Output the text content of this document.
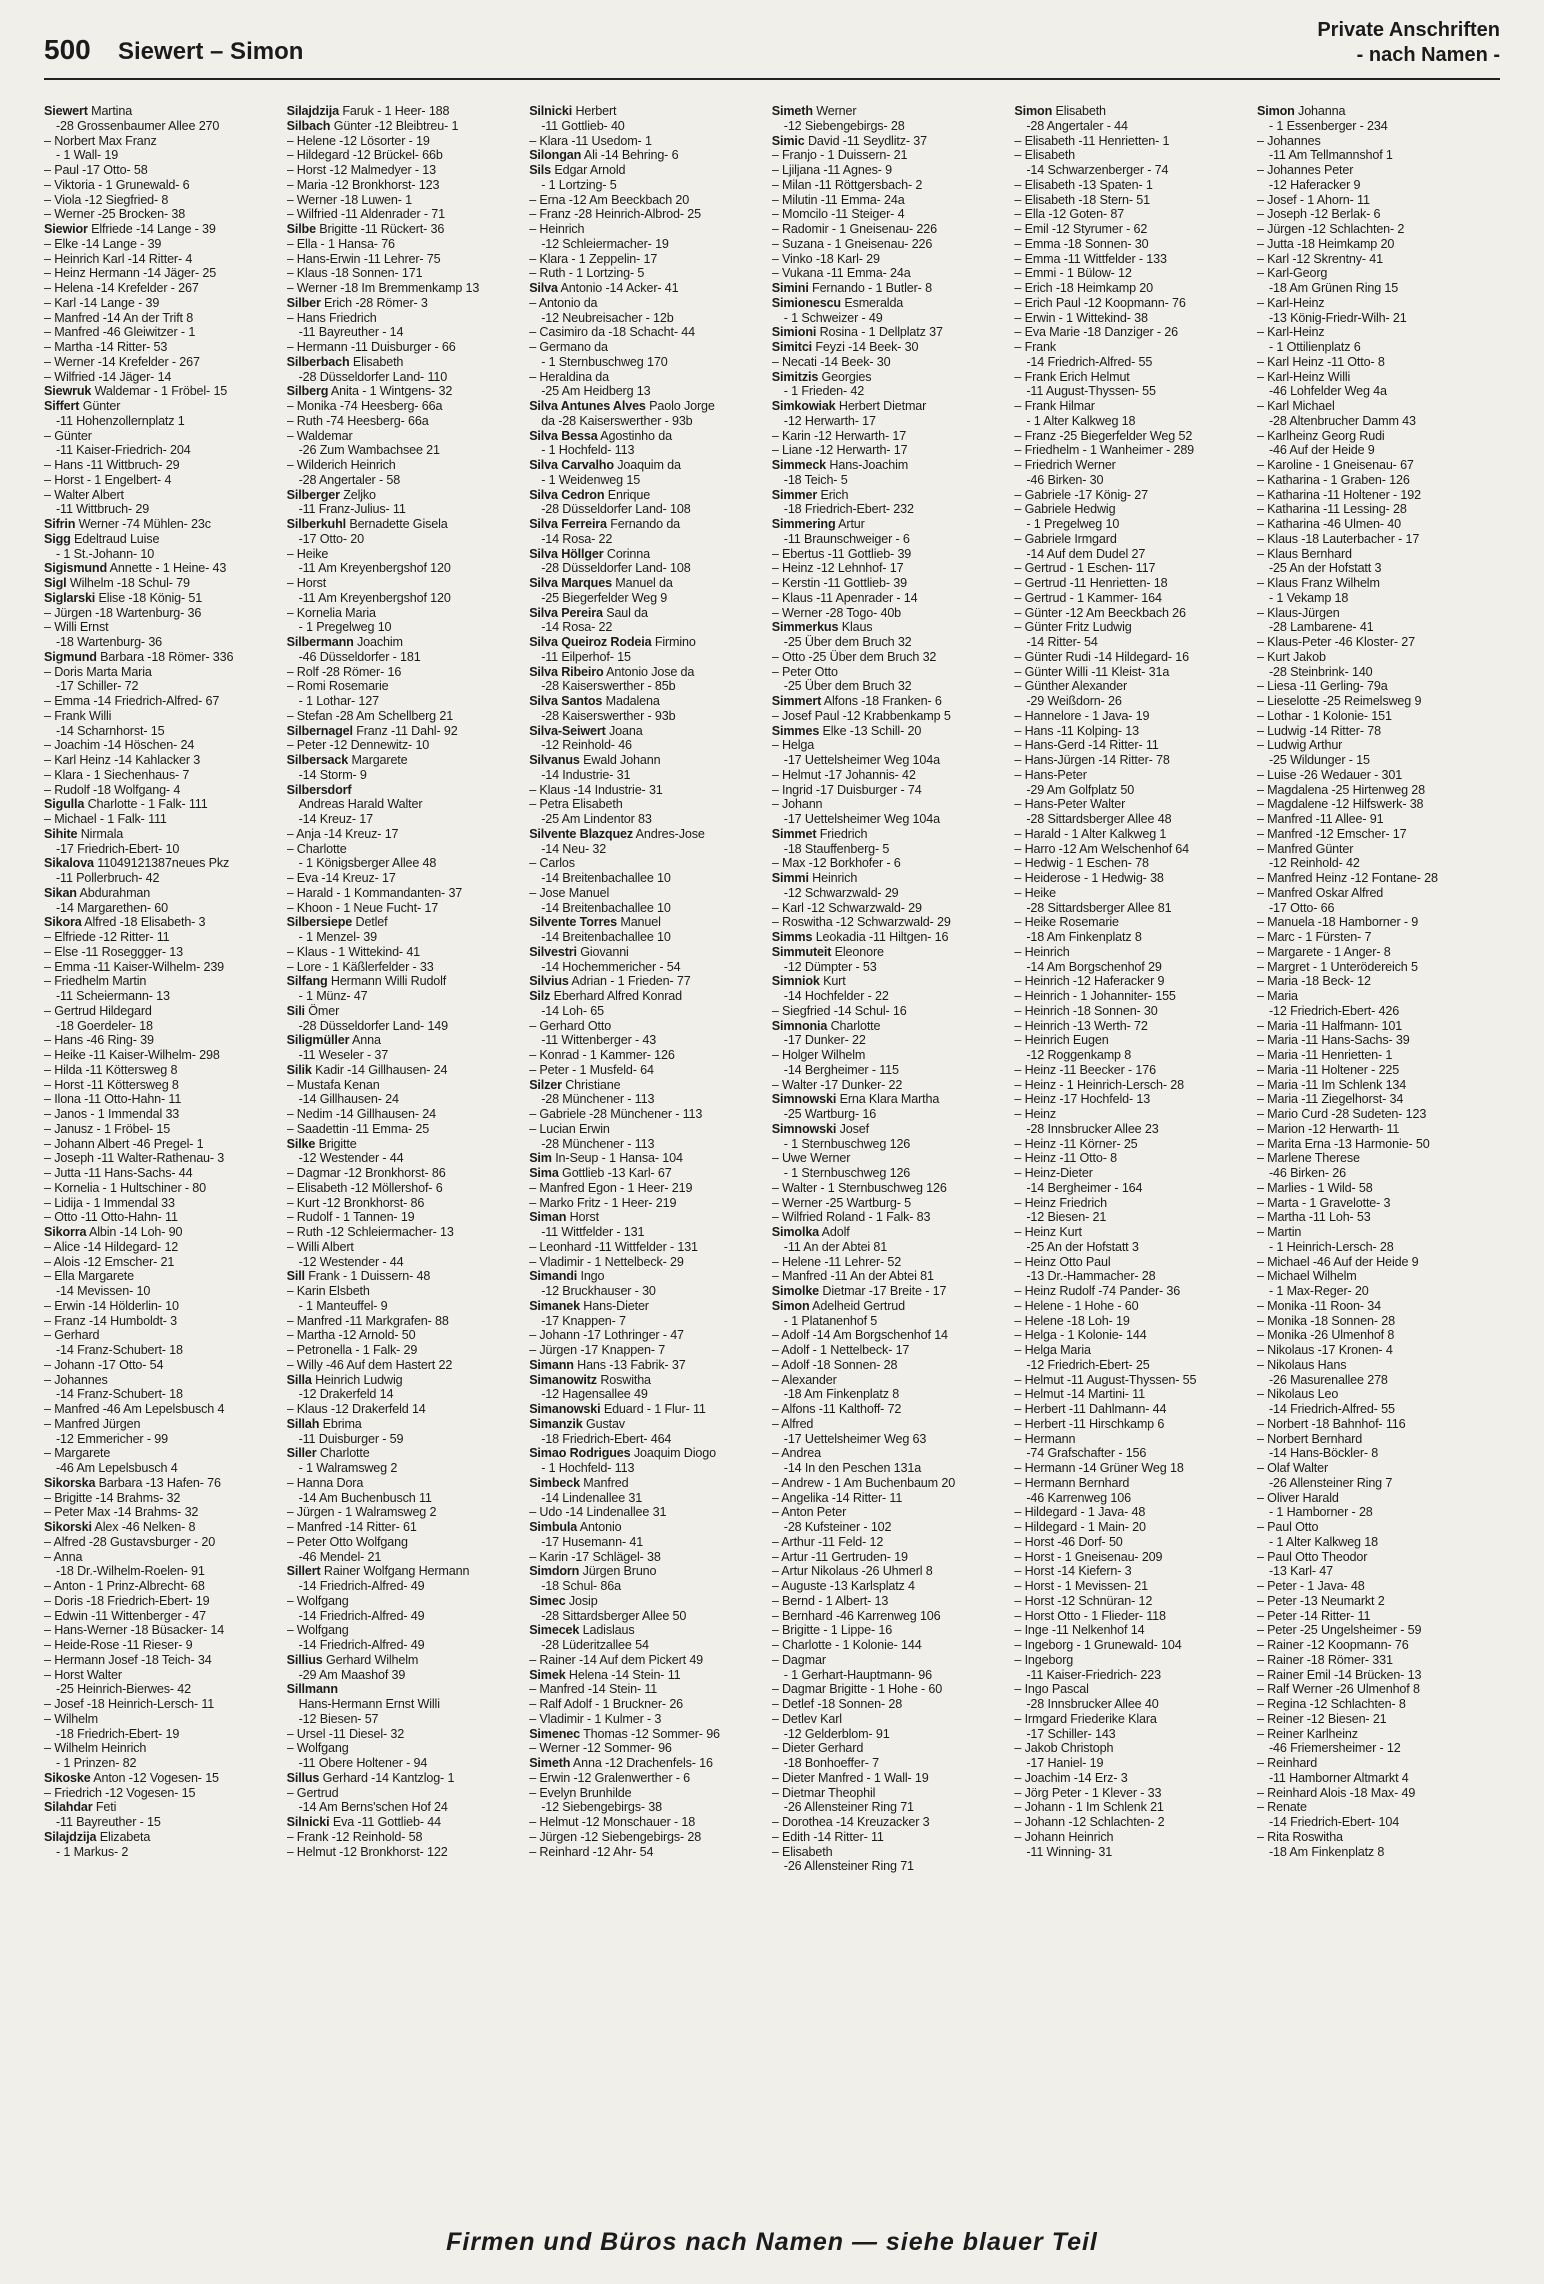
500 Siewert – Simon
Private Anschriften
- nach Namen -
Siewert Martina
-28 Grossenbaumer Allee 270
– Norbert Max Franz
- 1 Wall- 19
– Paul -17 Otto- 58
– Viktoria - 1 Grunewald- 6
– Viola -12 Siegfried- 8
– Werner -25 Brocken- 38
Siewior Elfriede -14 Lange - 39
– Elke -14 Lange - 39
– Heinrich Karl -14 Ritter- 4
– Heinz Hermann -14 Jäger- 25
– Helena -14 Krefelder - 267
– Karl -14 Lange - 39
– Manfred -14 An der Trift 8
– Manfred -46 Gleiwitzer - 1
– Martha -14 Ritter- 53
– Werner -14 Krefelder - 267
– Wilfried -14 Jäger- 14
Siewruk Waldemar - 1 Fröbel- 15
Siffert Günter
-11 Hohenzollernplatz 1
– Günter
-11 Kaiser-Friedrich- 204
– Hans -11 Wittbruch- 29
– Horst - 1 Engelbert- 4
– Walter Albert
-11 Wittbruch- 29
Sifrin Werner -74 Mühlen- 23c
Sigg Edeltraud Luise
- 1 St.-Johann- 10
Sigismund Annette - 1 Heine- 43
Sigl Wilhelm -18 Schul- 79
Siglarski Elise -18 König- 51
– Jürgen -18 Wartenburg- 36
– Willi Ernst
-18 Wartenburg- 36
Sigmund Barbara -18 Römer- 336
– Doris Marta Maria
-17 Schiller- 72
– Emma -14 Friedrich-Alfred- 67
– Frank Willi
-14 Scharnhorst- 15
– Joachim -14 Höschen- 24
– Karl Heinz -14 Kahlacker 3
– Klara - 1 Siechenhaus- 7
– Rudolf -18 Wolfgang- 4
Sigulla Charlotte - 1 Falk- 111
– Michael - 1 Falk- 111
Sihite Nirmala
-17 Friedrich-Ebert- 10
Sikalova 11049121387neues Pkz
-11 Pollerbruch- 42
Sikan Abdurahman
-14 Margarethen- 60
Sikora Alfred -18 Elisabeth- 3
– Elfriede -12 Ritter- 11
– Else -11 Roseggger- 13
– Emma -11 Kaiser-Wilhelm- 239
– Friedhelm Martin
-11 Scheiermann- 13
– Gertrud Hildegard
-18 Goerdeler- 18
– Hans -46 Ring- 39
– Heike -11 Kaiser-Wilhelm- 298
– Hilda -11 Köttersweg 8
– Horst -11 Köttersweg 8
– Ilona -11 Otto-Hahn- 11
– Janos - 1 Immendal 33
– Janusz - 1 Fröbel- 15
– Johann Albert -46 Pregel- 1
– Joseph -11 Walter-Rathenau- 3
– Jutta -11 Hans-Sachs- 44
– Kornelia - 1 Hultschiner - 80
– Lidija - 1 Immendal 33
– Otto -11 Otto-Hahn- 11
Sikorra Albin -14 Loh- 90
– Alice -14 Hildegard- 12
– Alois -12 Emscher- 21
– Ella Margarete
-14 Mevissen- 10
– Erwin -14 Hölderlin- 10
– Franz -14 Humboldt- 3
– Gerhard
-14 Franz-Schubert- 18
– Johann -17 Otto- 54
– Johannes
-14 Franz-Schubert- 18
– Manfred -46 Am Lepelsbusch 4
– Manfred Jürgen
-12 Emmericher - 99
– Margarete
-46 Am Lepelsbusch 4
Sikorska Barbara -13 Hafen- 76
– Brigitte -14 Brahms- 32
– Peter Max -14 Brahms- 32
Sikorski Alex -46 Nelken- 8
– Alfred -28 Gustavsburger - 20
– Anna
-18 Dr.-Wilhelm-Roelen- 91
– Anton - 1 Prinz-Albrecht- 68
– Doris -18 Friedrich-Ebert- 19
– Edwin -11 Wittenberger - 47
– Hans-Werner -18 Büsacker- 14
– Heide-Rose -11 Rieser- 9
– Hermann Josef -18 Teich- 34
– Horst Walter
-25 Heinrich-Bierwes- 42
– Josef -18 Heinrich-Lersch- 11
– Wilhelm
-18 Friedrich-Ebert- 19
– Wilhelm Heinrich
- 1 Prinzen- 82
Sikoske Anton -12 Vogesen- 15
– Friedrich -12 Vogesen- 15
Silahdar Feti
-11 Bayreuther - 15
Silajdzija Elizabeta
- 1 Markus- 2
Silajdzija Faruk - 1 Heer- 188
Silbach Günter -12 Bleibtreu- 1
– Helene -12 Lösorter - 19
– Hildegard -12 Brückel- 66b
– Horst -12 Malmedyer - 13
– Maria -12 Bronkhorst- 123
– Werner -18 Luwen- 1
– Wilfried -11 Aldenrader - 71
Silbe Brigitte -11 Rückert- 36
– Ella - 1 Hansa- 76
– Hans-Erwin -11 Lehrer- 75
– Klaus -18 Sonnen- 171
– Werner -18 Im Bremmenkamp 13
Silber Erich -28 Römer- 3
– Hans Friedrich
-11 Bayreuther - 14
– Hermann -11 Duisburger - 66
Silberbach Elisabeth
-28 Düsseldorfer Land- 110
Silberg Anita - 1 Wintgens- 32
– Monika -74 Heesberg- 66a
– Ruth -74 Heesberg- 66a
– Waldemar
-26 Zum Wambachsee 21
– Wilderich Heinrich
-28 Angertaler - 58
Silberger Zeljko
-11 Franz-Julius- 11
Silberkuhl Bernadette Gisela
-17 Otto- 20
– Heike
-11 Am Kreyenbergshof 120
– Horst
-11 Am Kreyenbergshof 120
– Kornelia Maria
- 1 Pregelweg 10
Silbermann Joachim
-46 Düsseldorfer - 181
– Rolf -28 Römer- 16
– Romi Rosemarie
- 1 Lothar- 127
– Stefan -28 Am Schellberg 21
Silbernagel Franz -11 Dahl- 92
– Peter -12 Dennewitz- 10
Silbersack Margarete
-14 Storm- 9
Silbersdorf
Andreas Harald Walter
-14 Kreuz- 17
– Anja -14 Kreuz- 17
– Charlotte
- 1 Königsberger Allee 48
– Eva -14 Kreuz- 17
– Harald - 1 Kommandanten- 37
– Khoon - 1 Neue Fucht- 17
Silbersiepe Detlef
- 1 Menzel- 39
– Klaus - 1 Wittekind- 41
– Lore - 1 Käßlerfelder - 33
Silfang Hermann Willi Rudolf
- 1 Münz- 47
Sili Ömer
-28 Düsseldorfer Land- 149
Siligmüller Anna
-11 Weseler - 37
Silik Kadir -14 Gillhausen- 24
– Mustafa Kenan
-14 Gillhausen- 24
– Nedim -14 Gillhausen- 24
– Saadettin -11 Emma- 25
Silke Brigitte
-12 Westender - 44
– Dagmar -12 Bronkhorst- 86
– Elisabeth -12 Möllershof- 6
– Kurt -12 Bronkhorst- 86
– Rudolf - 1 Tannen- 19
– Ruth -12 Schleiermacher- 13
– Willi Albert
-12 Westender - 44
Sill Frank - 1 Duissern- 48
– Karin Elsbeth
- 1 Manteuffel- 9
– Manfred -11 Markgrafen- 88
– Martha -12 Arnold- 50
– Petronella - 1 Falk- 29
– Willy -46 Auf dem Hastert 22
Silla Heinrich Ludwig
-12 Drakerfeld 14
– Klaus -12 Drakerfeld 14
Sillah Ebrima
-11 Duisburger - 59
Siller Charlotte
- 1 Walramsweg 2
– Hanna Dora
-14 Am Buchenbusch 11
– Jürgen - 1 Walramsweg 2
– Manfred -14 Ritter- 61
– Peter Otto Wolfgang
-46 Mendel- 21
Sillert Rainer Wolfgang Hermann
-14 Friedrich-Alfred- 49
– Wolfgang
-14 Friedrich-Alfred- 49
– Wolfgang
-14 Friedrich-Alfred- 49
Sillius Gerhard Wilhelm
-29 Am Maashof 39
Sillmann
Hans-Hermann Ernst Willi
-12 Biesen- 57
– Ursel -11 Diesel- 32
– Wolfgang
-11 Obere Holtener - 94
Sillus Gerhard -14 Kantzlog- 1
– Gertrud
-14 Am Berns'schen Hof 24
Silnicki Eva -11 Gottlieb- 44
– Frank -12 Reinhold- 58
– Helmut -12 Bronkhorst- 122
Silnicki Herbert
-11 Gottlieb- 40
– Klara -11 Usedom- 1
Silongan Ali -14 Behring- 6
Sils Edgar Arnold
- 1 Lortzing- 5
– Erna -12 Am Beeckbach 20
– Franz -28 Heinrich-Albrod- 25
– Heinrich
-12 Schleiermacher- 19
– Klara - 1 Zeppelin- 17
– Ruth - 1 Lortzing- 5
Silva Antonio -14 Acker- 41
– Antonio da
-12 Neubreisacher - 12b
– Casimiro da -18 Schacht- 44
– Germano da
- 1 Sternbuschweg 170
– Heraldina da
-25 Am Heidberg 13
Silva Antunes Alves Paolo Jorge
da -28 Kaiserswerther - 93b
Silva Bessa Agostinho da
- 1 Hochfeld- 113
Silva Carvalho Joaquim da
- 1 Weidenweg 15
Silva Cedron Enrique
-28 Düsseldorfer Land- 108
Silva Ferreira Fernando da
-14 Rosa- 22
Silva Höllger Corinna
-28 Düsseldorfer Land- 108
Silva Marques Manuel da
-25 Biegerfelder Weg 9
Silva Pereira Saul da
-14 Rosa- 22
Silva Queiroz Rodeia Firmino
-11 Eilperhof- 15
Silva Ribeiro Antonio Jose da
-28 Kaiserswerther - 85b
Silva Santos Madalena
-28 Kaiserswerther - 93b
Silva-Seiwert Joana
-12 Reinhold- 46
Silvanus Ewald Johann
-14 Industrie- 31
– Klaus -14 Industrie- 31
– Petra Elisabeth
-25 Am Lindentor 83
Silvente Blazquez Andres-Jose
-14 Neu- 32
– Carlos
-14 Breitenbachallee 10
– Jose Manuel
-14 Breitenbachallee 10
Silvente Torres Manuel
-14 Breitenbachallee 10
Silvestri Giovanni
-14 Hochemmericher - 54
Silvius Adrian - 1 Frieden- 77
Silz Eberhard Alfred Konrad
-14 Loh- 65
– Gerhard Otto
-11 Wittenberger - 43
– Konrad - 1 Kammer- 126
– Peter - 1 Musfeld- 64
Silzer Christiane
-28 Münchener - 113
– Gabriele -28 Münchener - 113
– Lucian Erwin
-28 Münchener - 113
Sim In-Seup - 1 Hansa- 104
Sima Gottlieb -13 Karl- 67
– Manfred Egon - 1 Heer- 219
– Marko Fritz - 1 Heer- 219
Siman Horst
-11 Wittfelder - 131
– Leonhard -11 Wittfelder - 131
– Vladimir - 1 Nettelbeck- 29
Simandi Ingo
-12 Bruckhauser - 30
Simanek Hans-Dieter
-17 Knappen- 7
– Johann -17 Lothringer - 47
– Jürgen -17 Knappen- 7
Simann Hans -13 Fabrik- 37
Simanowitz Roswitha
-12 Hagensallee 49
Simanowski Eduard - 1 Flur- 11
Simanzik Gustav
-18 Friedrich-Ebert- 464
Simao Rodrigues Joaquim Diogo
- 1 Hochfeld- 113
Simbeck Manfred
-14 Lindenallee 31
– Udo -14 Lindenallee 31
Simbula Antonio
-17 Husemann- 41
– Karin -17 Schlägel- 38
Simdorn Jürgen Bruno
-18 Schul- 86a
Simec Josip
-28 Sittardsberger Allee 50
Simecek Ladislaus
-28 Lüderitzallee 54
– Rainer -14 Auf dem Pickert 49
Simek Helena -14 Stein- 11
– Manfred -14 Stein- 11
– Ralf Adolf - 1 Bruckner- 26
– Vladimir - 1 Kulmer - 3
Simenec Thomas -12 Sommer- 96
– Werner -12 Sommer- 96
Simeth Anna -12 Drachenfels- 16
– Erwin -12 Gralenwerther - 6
– Evelyn Brunhilde
-12 Siebengebirgs- 38
– Helmut -12 Monschauer - 18
– Jürgen -12 Siebengebirgs- 28
– Reinhard -12 Ahr- 54
Simeth Werner
-12 Siebengebirgs- 28
Simic David -11 Seydlitz- 37
– Franjo - 1 Duissern- 21
– Ljiljana -11 Agnes- 9
– Milan -11 Röttgersbach- 2
– Milutin -11 Emma- 24a
– Momcilo -11 Steiger- 4
– Radomir - 1 Gneisenau- 226
– Suzana - 1 Gneisenau- 226
– Vinko -18 Karl- 29
– Vukana -11 Emma- 24a
Simini Fernando - 1 Butler- 8
Simionescu Esmeralda
- 1 Schweizer - 49
Simioni Rosina - 1 Dellplatz 37
Simitci Feyzi -14 Beek- 30
– Necati -14 Beek- 30
Simitzis Georgies
- 1 Frieden- 42
Simkowiak Herbert Dietmar
-12 Herwarth- 17
– Karin -12 Herwarth- 17
– Liane -12 Herwarth- 17
Simmeck Hans-Joachim
-18 Teich- 5
Simmer Erich
-18 Friedrich-Ebert- 232
Simmering Artur
-11 Braunschweiger - 6
– Ebertus -11 Gottlieb- 39
– Heinz -12 Lehnhof- 17
– Kerstin -11 Gottlieb- 39
– Klaus -11 Apenrader - 14
– Werner -28 Togo- 40b
Simmerkus Klaus
-25 Über dem Bruch 32
– Otto -25 Über dem Bruch 32
– Peter Otto
-25 Über dem Bruch 32
Simmert Alfons -18 Franken- 6
– Josef Paul -12 Krabbenkamp 5
Simmes Elke -13 Schill- 20
– Helga
-17 Uettelsheimer Weg 104a
– Helmut -17 Johannis- 42
– Ingrid -17 Duisburger - 74
– Johann
-17 Uettelsheimer Weg 104a
Simmet Friedrich
-18 Stauffenberg- 5
– Max -12 Borkhofer - 6
Simmi Heinrich
-12 Schwarzwald- 29
– Karl -12 Schwarzwald- 29
– Roswitha -12 Schwarzwald- 29
Simms Leokadia -11 Hiltgen- 16
Simmuteit Eleonore
-12 Dümpter - 53
Simniok Kurt
-14 Hochfelder - 22
– Siegfried -14 Schul- 16
Simnonia Charlotte
-17 Dunker- 22
– Holger Wilhelm
-14 Bergheimer - 115
– Walter -17 Dunker- 22
Simnowski Erna Klara Martha
-25 Wartburg- 16
Simnowski Josef
- 1 Sternbuschweg 126
– Uwe Werner
- 1 Sternbuschweg 126
– Walter - 1 Sternbuschweg 126
– Werner -25 Wartburg- 5
– Wilfried Roland - 1 Falk- 83
Simolka Adolf
-11 An der Abtei 81
– Helene -11 Lehrer- 52
– Manfred -11 An der Abtei 81
Simolke Dietmar -17 Breite - 17
Simon Adelheid Gertrud
- 1 Platanenhof 5
– Adolf -14 Am Borgschenhof 14
– Adolf - 1 Nettelbeck- 17
– Adolf -18 Sonnen- 28
– Alexander
-18 Am Finkenplatz 8
– Alfons -11 Kalthoff- 72
– Alfred
-17 Uettelsheimer Weg 63
– Andrea
-14 In den Peschen 131a
– Andrew - 1 Am Buchenbaum 20
– Angelika -14 Ritter- 11
– Anton Peter
-28 Kufsteiner - 102
– Arthur -11 Feld- 12
– Artur -11 Gertruden- 19
– Artur Nikolaus -26 Uhmerl 8
– Auguste -13 Karlsplatz 4
– Bernd - 1 Albert- 13
– Bernhard -46 Karrenweg 106
– Brigitte - 1 Lippe- 16
– Charlotte - 1 Kolonie- 144
– Dagmar
- 1 Gerhart-Hauptmann- 96
– Dagmar Brigitte - 1 Hohe - 60
– Detlef -18 Sonnen- 28
– Detlev Karl
-12 Gelderblom- 91
– Dieter Gerhard
-18 Bonhoeffer- 7
– Dieter Manfred - 1 Wall- 19
– Dietmar Theophil
-26 Allensteiner Ring 71
– Dorothea -14 Kreuzacker 3
– Edith -14 Ritter- 11
– Elisabeth
-26 Allensteiner Ring 71
Simon Elisabeth
-28 Angertaler - 44
– Elisabeth -11 Henrietten- 1
– Elisabeth
-14 Schwarzenberger - 74
– Elisabeth -13 Spaten- 1
– Elisabeth -18 Stern- 51
– Ella -12 Goten- 87
– Emil -12 Styrumer - 62
– Emma -18 Sonnen- 30
– Emma -11 Wittfelder - 133
– Emmi - 1 Bülow- 12
– Erich -18 Heimkamp 20
– Erich Paul -12 Koopmann- 76
– Erwin - 1 Wittekind- 38
– Eva Marie -18 Danziger - 26
– Frank
-14 Friedrich-Alfred- 55
– Frank Erich Helmut
-11 August-Thyssen- 55
– Frank Hilmar
- 1 Alter Kalkweg 18
– Franz -25 Biegerfelder Weg 52
– Friedhelm - 1 Wanheimer - 289
– Friedrich Werner
-46 Birken- 30
– Gabriele -17 König- 27
– Gabriele Hedwig
- 1 Pregelweg 10
– Gabriele Irmgard
-14 Auf dem Dudel 27
– Gertrud - 1 Eschen- 117
– Gertrud -11 Henrietten- 18
– Gertrud - 1 Kammer- 164
– Günter -12 Am Beeckbach 26
– Günter Fritz Ludwig
-14 Ritter- 54
– Günter Rudi -14 Hildegard- 16
– Günter Willi -11 Kleist- 31a
– Günther Alexander
-29 Weißdorn- 26
– Hannelore - 1 Java- 19
– Hans -11 Kolping- 13
– Hans-Gerd -14 Ritter- 11
– Hans-Jürgen -14 Ritter- 78
– Hans-Peter
-29 Am Golfplatz 50
– Hans-Peter Walter
-28 Sittardsberger Allee 48
– Harald - 1 Alter Kalkweg 1
– Harro -12 Am Welschenhof 64
– Hedwig - 1 Eschen- 78
– Heiderose - 1 Hedwig- 38
– Heike
-28 Sittardsberger Allee 81
– Heike Rosemarie
-18 Am Finkenplatz 8
– Heinrich
-14 Am Borgschenhof 29
– Heinrich -12 Haferacker 9
– Heinrich - 1 Johanniter- 155
– Heinrich -18 Sonnen- 30
– Heinrich -13 Werth- 72
– Heinrich Eugen
-12 Roggenkamp 8
– Heinz -11 Beecker - 176
– Heinz - 1 Heinrich-Lersch- 28
– Heinz -17 Hochfeld- 13
– Heinz
-28 Innsbrucker Allee 23
– Heinz -11 Körner- 25
– Heinz -11 Otto- 8
– Heinz-Dieter
-14 Bergheimer - 164
– Heinz Friedrich
-12 Biesen- 21
– Heinz Kurt
-25 An der Hofstatt 3
– Heinz Otto Paul
-13 Dr.-Hammacher- 28
– Heinz Rudolf -74 Pander- 36
– Helene - 1 Hohe - 60
– Helene -18 Loh- 19
– Helga - 1 Kolonie- 144
– Helga Maria
-12 Friedrich-Ebert- 25
– Helmut -11 August-Thyssen- 55
– Helmut -14 Martini- 11
– Herbert -11 Dahlmann- 44
– Herbert -11 Hirschkamp 6
– Hermann
-74 Grafschafter - 156
– Hermann -14 Grüner Weg 18
– Hermann Bernhard
-46 Karrenweg 106
– Hildegard - 1 Java- 48
– Hildegard - 1 Main- 20
– Horst -46 Dorf- 50
– Horst - 1 Gneisenau- 209
– Horst -14 Kiefern- 3
– Horst - 1 Mevissen- 21
– Horst -12 Schnüran- 12
– Horst Otto - 1 Flieder- 118
– Inge -11 Nelkenhof 14
– Ingeborg - 1 Grunewald- 104
– Ingeborg
-11 Kaiser-Friedrich- 223
– Ingo Pascal
-28 Innsbrucker Allee 40
– Irmgard Friederike Klara
-17 Schiller- 143
– Jakob Christoph
-17 Haniel- 19
– Joachim -14 Erz- 3
– Jörg Peter - 1 Klever - 33
– Johann - 1 Im Schlenk 21
– Johann -12 Schlachten- 2
– Johann Heinrich
-11 Winning- 31
Simon Johanna
- 1 Essenberger - 234
– Johannes
-11 Am Tellmannshof 1
– Johannes Peter
-12 Haferacker 9
– Josef - 1 Ahorn- 11
– Joseph -12 Berlak- 6
– Jürgen -12 Schlachten- 2
– Jutta -18 Heimkamp 20
– Karl -12 Skrentny- 41
– Karl-Georg
-18 Am Grünen Ring 15
– Karl-Heinz
-13 König-Friedr-Wilh- 21
– Karl-Heinz
- 1 Ottilienplatz 6
– Karl Heinz -11 Otto- 8
– Karl-Heinz Willi
-46 Lohfelder Weg 4a
– Karl Michael
-28 Altenbrucher Damm 43
– Karlheinz Georg Rudi
-46 Auf der Heide 9
– Karoline - 1 Gneisenau- 67
– Katharina - 1 Graben- 126
– Katharina -11 Holtener - 192
– Katharina -11 Lessing- 28
– Katharina -46 Ulmen- 40
– Klaus -18 Lauterbacher - 17
– Klaus Bernhard
-25 An der Hofstatt 3
– Klaus Franz Wilhelm
- 1 Vekamp 18
– Klaus-Jürgen
-28 Lambarene- 41
– Klaus-Peter -46 Kloster- 27
– Kurt Jakob
-28 Steinbrink- 140
– Liesa -11 Gerling- 79a
– Lieselotte -25 Reimelsweg 9
– Lothar - 1 Kolonie- 151
– Ludwig -14 Ritter- 78
– Ludwig Arthur
-25 Wildunger - 15
– Luise -26 Wedauer - 301
– Magdalena -25 Hirtenweg 28
– Magdalene -12 Hilfswerk- 38
– Manfred -11 Allee- 91
– Manfred -12 Emscher- 17
– Manfred Günter
-12 Reinhold- 42
– Manfred Heinz -12 Fontane- 28
– Manfred Oskar Alfred
-17 Otto- 66
– Manuela -18 Hamborner - 9
– Marc - 1 Fürsten- 7
– Margarete - 1 Anger- 8
– Margret - 1 Unterödereich 5
– Maria -18 Beck- 12
– Maria
-12 Friedrich-Ebert- 426
– Maria -11 Halfmann- 101
– Maria -11 Hans-Sachs- 39
– Maria -11 Henrietten- 1
– Maria -11 Holtener - 225
– Maria -11 Im Schlenk 134
– Maria -11 Ziegelhorst- 34
– Mario Curd -28 Sudeten- 123
– Marion -12 Herwarth- 11
– Marita Erna -13 Harmonie- 50
– Marlene Therese
-46 Birken- 26
– Marlies - 1 Wild- 58
– Marta - 1 Gravelotte- 3
– Martha -11 Loh- 53
– Martin
- 1 Heinrich-Lersch- 28
– Michael -46 Auf der Heide 9
– Michael Wilhelm
- 1 Max-Reger- 20
– Monika -11 Roon- 34
– Monika -18 Sonnen- 28
– Monika -26 Ulmenhof 8
– Nikolaus -17 Kronen- 4
– Nikolaus Hans
-26 Masurenallee 278
– Nikolaus Leo
-14 Friedrich-Alfred- 55
– Norbert -18 Bahnhof- 116
– Norbert Bernhard
-14 Hans-Böckler- 8
– Olaf Walter
-26 Allensteiner Ring 7
– Oliver Harald
- 1 Hamborner - 28
– Paul Otto
- 1 Alter Kalkweg 18
– Paul Otto Theodor
-13 Karl- 47
– Peter - 1 Java- 48
– Peter -13 Neumarkt 2
– Peter -14 Ritter- 11
– Peter -25 Ungelsheimer - 59
– Rainer -12 Koopmann- 76
– Rainer -18 Römer- 331
– Rainer Emil -14 Brücken- 13
– Ralf Werner -26 Ulmenhof 8
– Regina -12 Schlachten- 8
– Reiner -12 Biesen- 21
– Reiner Karlheinz
-46 Friemersheimer - 12
– Reinhard
-11 Hamborner Altmarkt 4
– Reinhard Alois -18 Max- 49
– Renate
-14 Friedrich-Ebert- 104
– Rita Roswitha
-18 Am Finkenplatz 8
Firmen und Büros nach Namen — siehe blauer Teil
